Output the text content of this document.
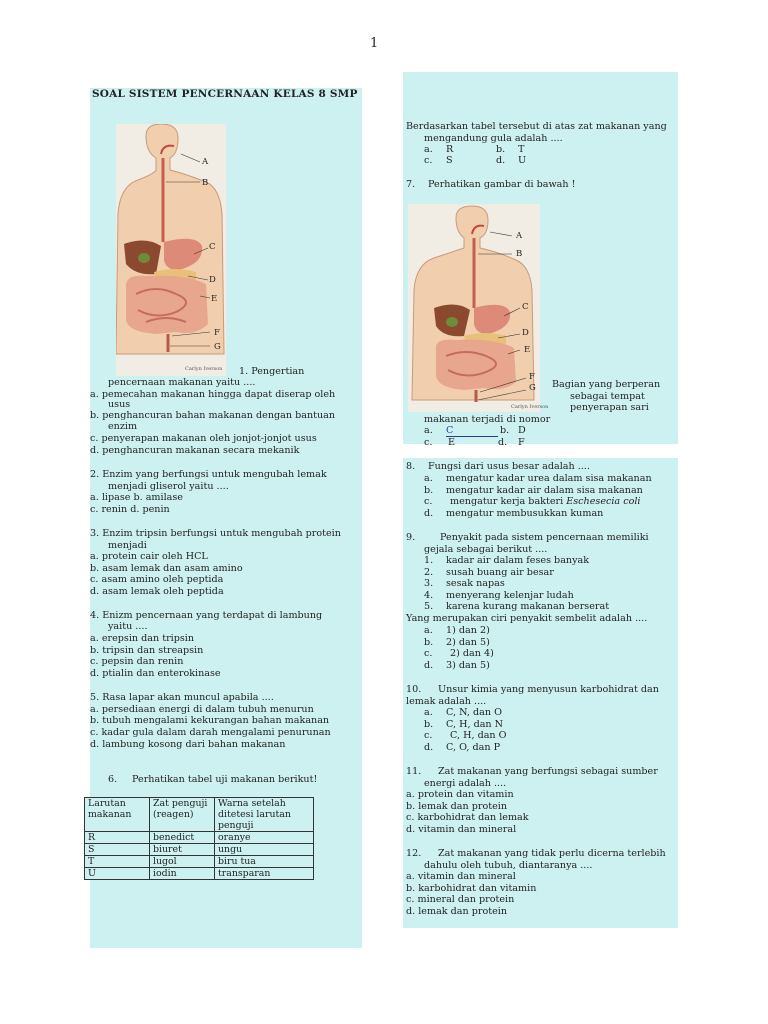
1
SOAL SISTEM PENCERNAAN KELAS 8 SMP
A
B
C
D
E
F
G
Carlyn Iverson 1. Pengertian
pencernaan makanan yaitu ....
a. pemecahan makanan hingga dapat diserap oleh
usus
b. penghancuran bahan makanan dengan bantuan
enzim
c. penyerapan makanan oleh jonjot-jonjot usus
d. penghancuran makanan secara mekanik
2. Enzim yang berfungsi untuk mengubah lemak
menjadi gliserol yaitu ....
a. lipase b. amilase
c. renin d. penin
3. Enzim tripsin berfungsi untuk mengubah protein
menjadi
a. protein cair oleh HCL
b. asam lemak dan asam amino
c. asam amino oleh peptida
d. asam lemak oleh peptida
4. Enizm pencernaan yang terdapat di lambung
yaitu ....
a. erepsin dan tripsin
b. tripsin dan streapsin
c. pepsin dan renin
d. ptialin dan enterokinase
5. Rasa lapar akan muncul apabila ....
a. persediaan energi di dalam tubuh menurun
b. tubuh mengalami kekurangan bahan makanan
c. kadar gula dalam darah mengalami penurunan
d. lambung kosong dari bahan makanan
6. Perhatikan tabel uji makanan berikut!
Larutan makanan	Zat penguji (reagen)	Warna setelah ditetesi larutan penguji
R	benedict	oranye
S	biuret	ungu
T	lugol	biru tua
U	iodin	transparan
Berdasarkan tabel tersebut di atas zat makanan yang
mengandung gula adalah ....
a. R	b. T
c. S	d. U
7. Perhatikan gambar di bawah !
A
B
C
D
E
F
G
Carlyn Iverson
Bagian yang berperan
sebagai tempat
penyerapan sari
makanan terjadi di nomor
a. C	b. D
c. E	d. F
8. Fungsi dari usus besar adalah ....
a. mengatur kadar urea dalam sisa makanan
b. mengatur kadar air dalam sisa makanan
c. mengatur kerja bakteri Eschesecia coli
d. mengatur membusukkan kuman
9.	Penyakit pada sistem pencernaan memiliki
gejala sebagai berikut ....
1. kadar air dalam feses banyak
2. susah buang air besar
3. sesak napas
4. menyerang kelenjar ludah
5. karena kurang makanan berserat
Yang merupakan ciri penyakit sembelit adalah ....
a. 1) dan 2)
b. 2) dan 5)
c. 2) dan 4)
d. 3) dan 5)
10. Unsur kimia yang menyusun karbohidrat dan
lemak adalah ....
a. C, N, dan O
b. C, H, dan N
c. C, H, dan O
d. C, O, dan P
11. Zat makanan yang berfungsi sebagai sumber
energi adalah ....
a. protein dan vitamin
b. lemak dan protein
c. karbohidrat dan lemak
d. vitamin dan mineral
12. Zat makanan yang tidak perlu dicerna terlebih
dahulu oleh tubuh, diantaranya ....
a. vitamin dan mineral
b. karbohidrat dan vitamin
c. mineral dan protein
d. lemak dan protein
